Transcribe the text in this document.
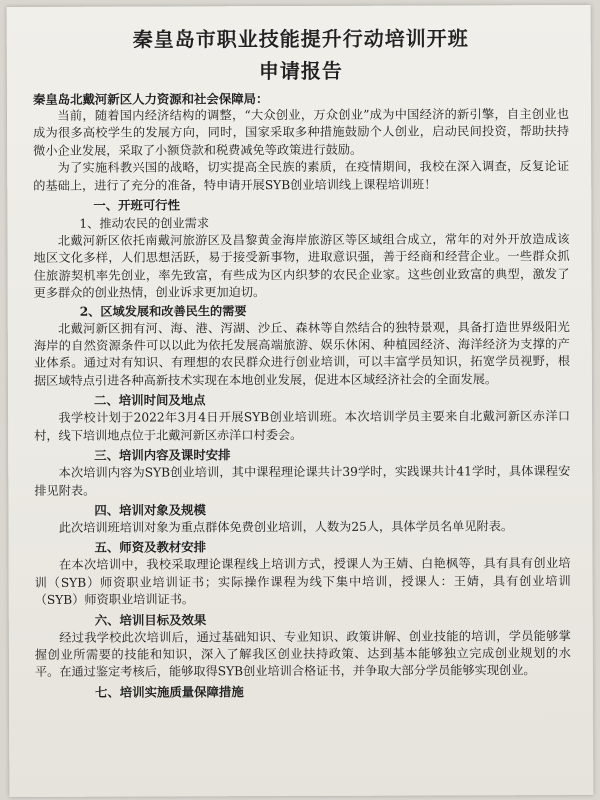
秦皇岛市职业技能提升行动培训开班
申请报告
秦皇岛北戴河新区人力资源和社会保障局：

当前，随着国内经济结构的调整，“大众创业，万众创业”成为中国经济的新引擎，自主创业也成为很多高校学生的发展方向，同时，国家采取多种措施鼓励个人创业，启动民间投资，帮助扶持微小企业发展，采取了小额贷款和税费减免等政策进行鼓励。

为了实施科教兴国的战略，切实提高全民族的素质，在疫情期间，我校在深入调查，反复论证的基础上，进行了充分的准备，特申请开展SYB创业培训线上课程培训班！

一、开班可行性
1、推动农民的创业需求

北戴河新区依托南戴河旅游区及昌黎黄金海岸旅游区等区域组合成立，常年的对外开放造成该地区文化多样，人们思想活跃，易于接受新事物，进取意识强，善于经商和经营企业。一些群众抓住旅游契机率先创业，率先致富，有些成为区内织梦的农民企业家。这些创业致富的典型，激发了更多群众的创业热情，创业诉求更加迫切。

2、区域发展和改善民生的需要

北戴河新区拥有河、海、港、泻湖、沙丘、森林等自然结合的独特景观，具备打造世界级阳光海岸的自然资源条件可以以此为依托发展高端旅游、娱乐休闲、种植园经济、海洋经济为支撑的产业体系。通过对有知识、有理想的农民群众进行创业培训，可以丰富学员知识，拓宽学员视野，根据区域特点引进各种高新技术实现在本地创业发展，促进本区域经济社会的全面发展。

二、培训时间及地点

我学校计划于2022年3月4日开展SYB创业培训班。本次培训学员主要来自北戴河新区赤洋口村，线下培训地点位于北戴河新区赤洋口村委会。

三、培训内容及课时安排

本次培训内容为SYB创业培训，其中课程理论课共计39学时，实践课共计41学时，具体课程安排见附表。

四、培训对象及规模

此次培训班培训对象为重点群体免费创业培训，人数为25人，具体学员名单见附表。

五、师资及教材安排

在本次培训中，我校采取理论课程线上培训方式，授课人为王婧、白艳枫等，具有具有创业培训（SYB）师资职业培训证书；实际操作课程为线下集中培训，授课人：王婧，具有创业培训（SYB）师资职业培训证书。

六、培训目标及效果

经过我学校此次培训后，通过基础知识、专业知识、政策讲解、创业技能的培训，学员能够掌握创业所需要的技能和知识，深入了解我区创业扶持政策、达到基本能够独立完成创业规划的水平。在通过鉴定考核后，能够取得SYB创业培训合格证书，并争取大部分学员能够实现创业。

七、培训实施质量保障措施
